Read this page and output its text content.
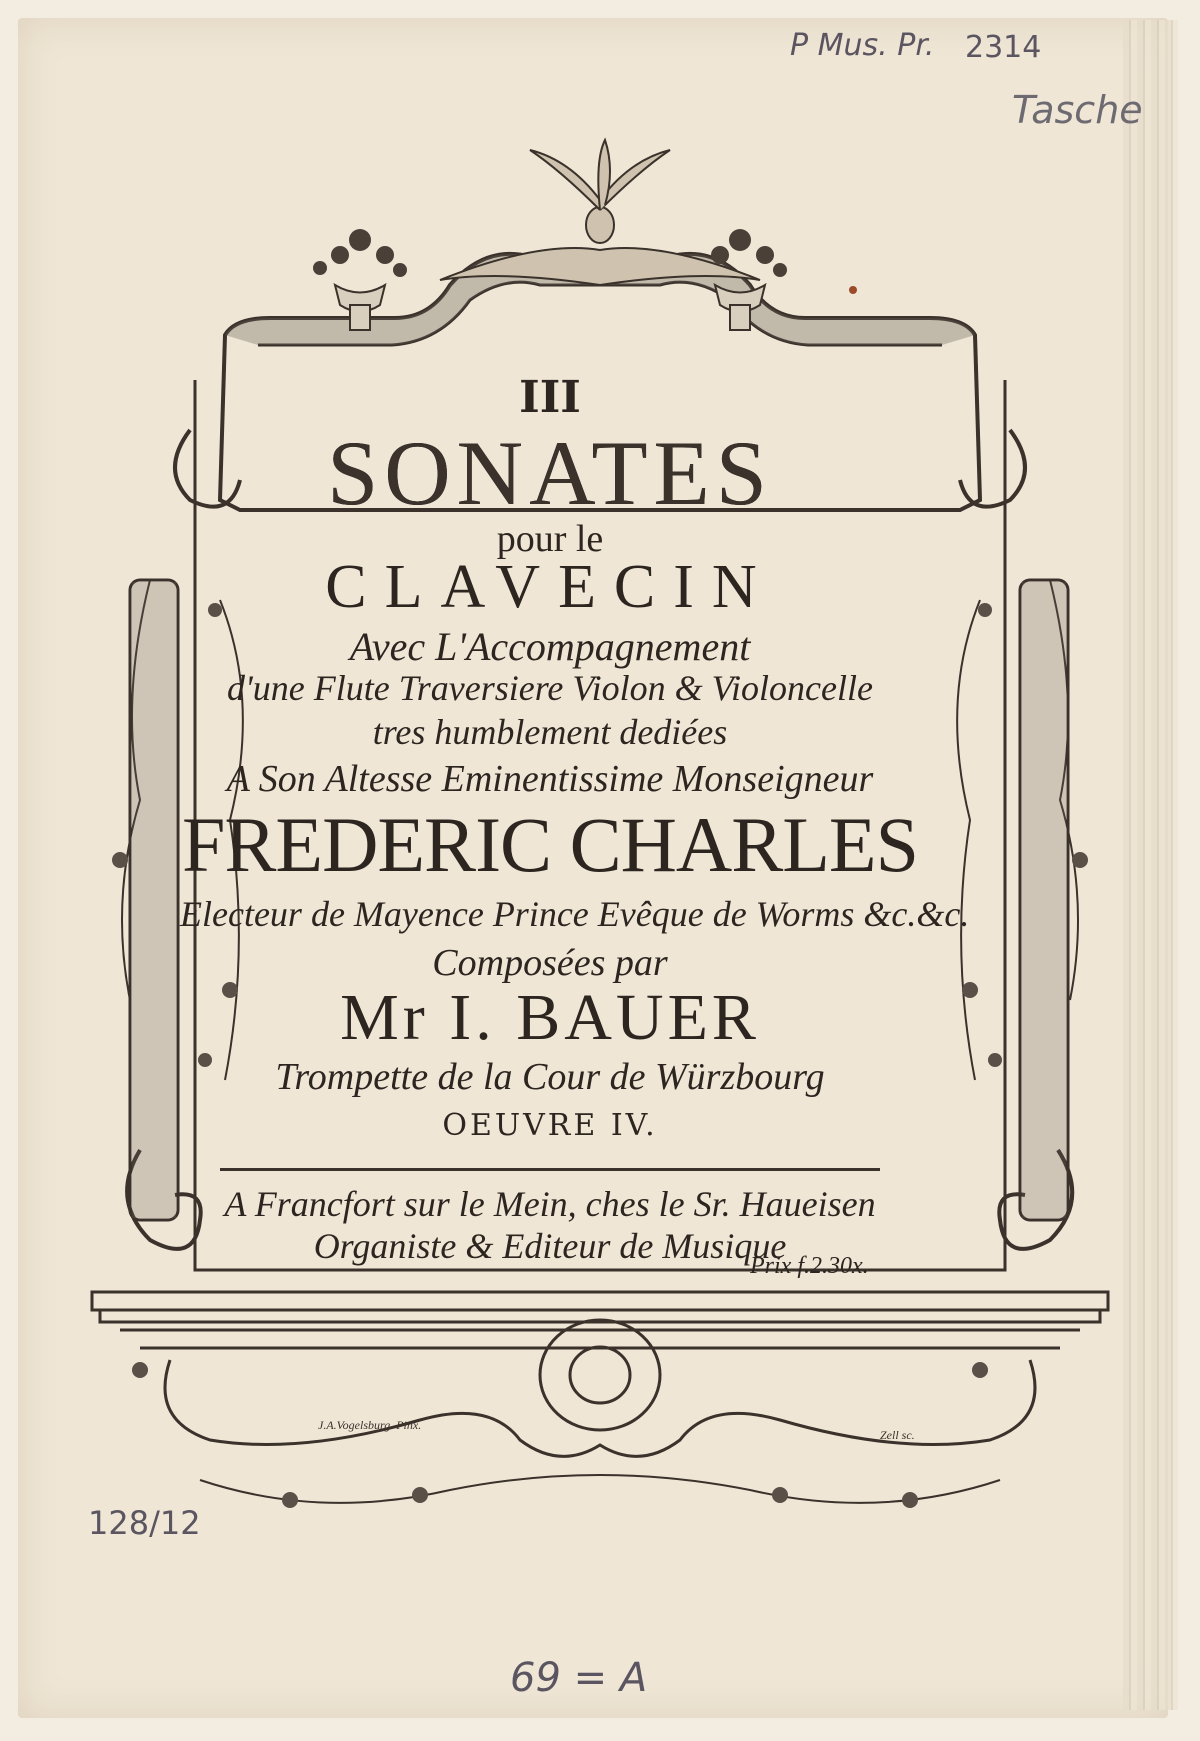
III
SONATES
pour le
CLAVECIN
Avec L'Accompagnement
d'une Flute Traversiere Violon & Violoncelle
tres humblement dediées
A Son Altesse Eminentissime Monseigneur
FREDERIC CHARLES
Electeur de Mayence Prince Evêque de Worms &c.&c.
Composées par
Mr I. BAUER
Trompette de la Cour de Würzbourg
OEUVRE IV.
A Francfort sur le Mein, ches le Sr. Haueisen
Organiste & Editeur de Musique
Prix f.2.30x.
J.A.Vogelsburg. Pinx.
Zell sc.
P Mus. Pr. 2314
Tasche
128/12
69 = A
